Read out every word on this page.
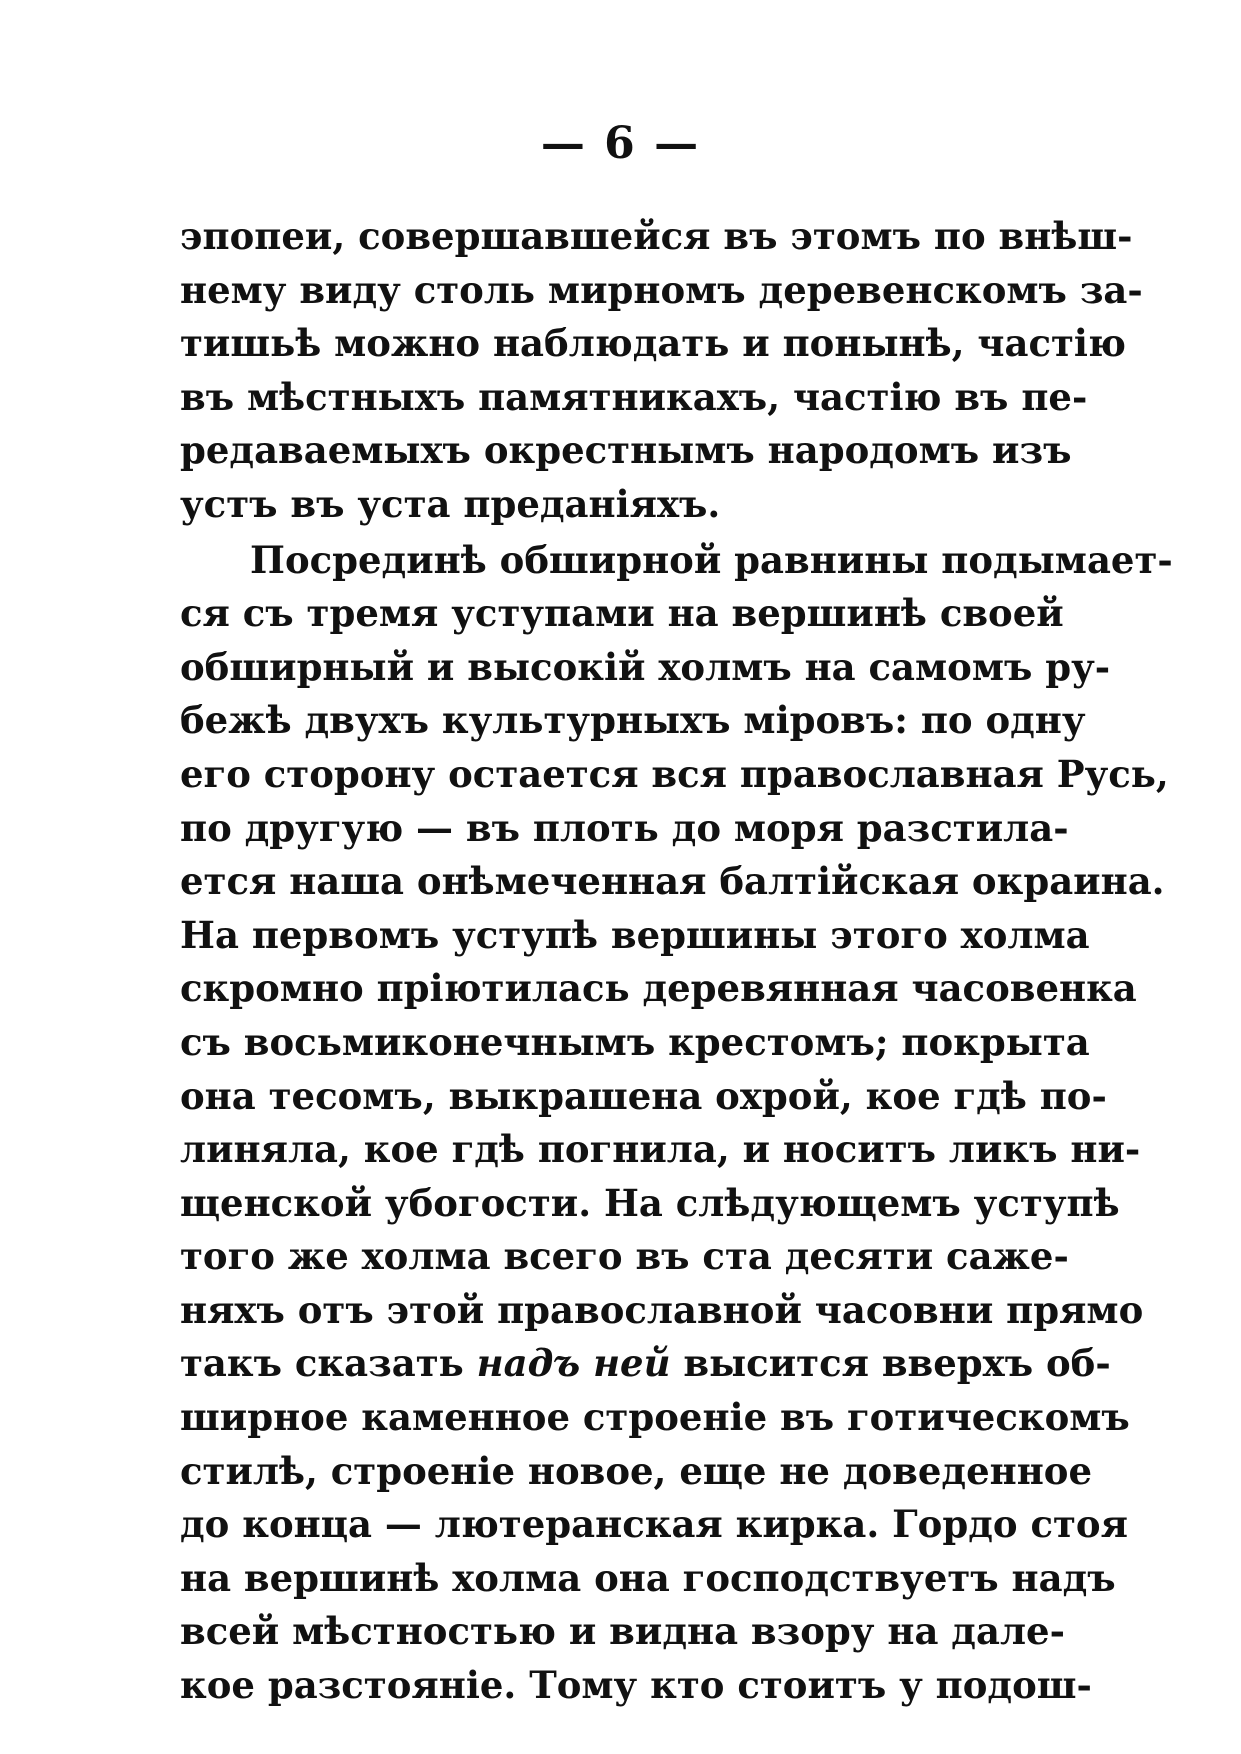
— 6 —
эпопеи, совершавшейся въ этомъ по внѣш-
нему виду столь мирномъ деревенскомъ за-
тишьѣ можно наблюдать и понынѣ, частію
въ мѣстныхъ памятникахъ, частію въ пе-
редаваемыхъ окрестнымъ народомъ изъ
устъ въ уста преданіяхъ.
Посрединѣ обширной равнины подымает-
ся съ тремя уступами на вершинѣ своей
обширный и высокій холмъ на самомъ ру-
бежѣ двухъ культурныхъ міровъ: по одну
его сторону остается вся православная Русь,
по другую — въ плоть до моря разстила-
ется наша онѣмеченная балтійская окраина.
На первомъ уступѣ вершины этого холма
скромно пріютилась деревянная часовенка
съ восьмиконечнымъ крестомъ; покрыта
она тесомъ, выкрашена охрой, кое гдѣ по-
линяла, кое гдѣ погнила, и носитъ ликъ ни-
щенской убогости. На слѣдующемъ уступѣ
того же холма всего въ ста десяти саже-
няхъ отъ этой православной часовни прямо
такъ сказать надъ ней высится вверхъ об-
ширное каменное строеніе въ готическомъ
стилѣ, строеніе новое, еще не доведенное
до конца — лютеранская кирка. Гордо стоя
на вершинѣ холма она господствуетъ надъ
всей мѣстностью и видна взору на далe-
кое разстояніе. Тому кто стоитъ у подош-
